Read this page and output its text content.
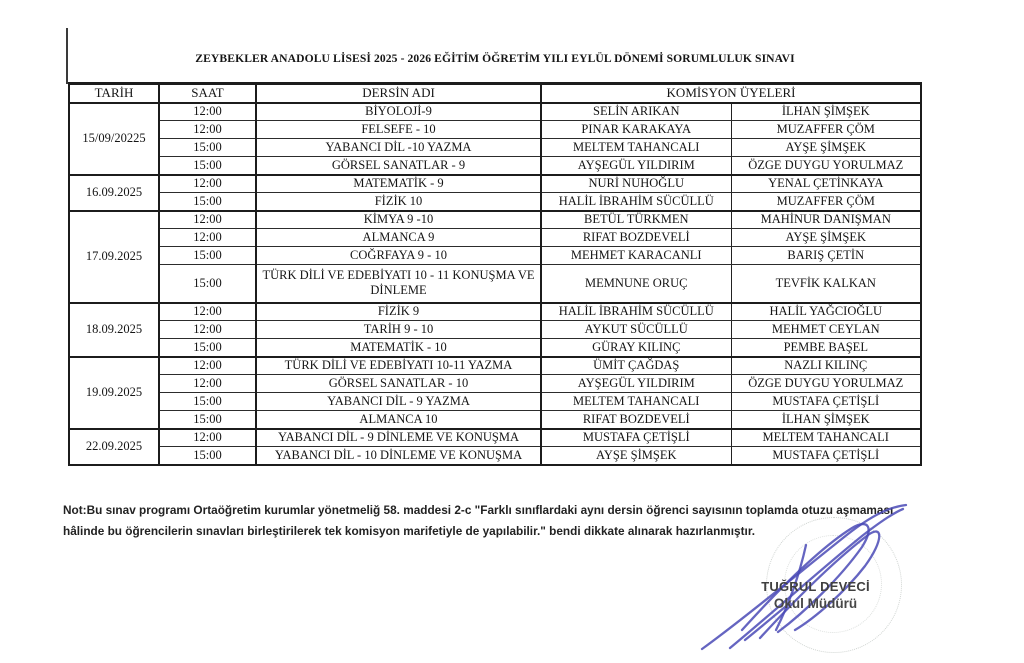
ZEYBEKLER ANADOLU LİSESİ 2025 - 2026 EĞİTİM ÖĞRETİM YILI EYLÜL DÖNEMİ SORUMLULUK SINAVI
TARİH	SAAT	DERSİN ADI	KOMİSYON ÜYELERİ	
15/09/20225	12:00	BİYOLOJİ-9	SELİN ARIKAN	İLHAN ŞİMŞEK
	12:00	FELSEFE - 10	PINAR KARAKAYA	MUZAFFER ÇÖM
	15:00	YABANCI DİL -10 YAZMA	MELTEM TAHANCALI	AYŞE ŞİMŞEK
	15:00	GÖRSEL SANATLAR - 9	AYŞEGÜL YILDIRIM	ÖZGE DUYGU YORULMAZ
16.09.2025	12:00	MATEMATİK - 9	NURİ NUHOĞLU	YENAL ÇETİNKAYA
	15:00	FİZİK 10	HALİL İBRAHİM SÜCÜLLÜ	MUZAFFER ÇÖM
17.09.2025	12:00	KİMYA 9 -10	BETÜL TÜRKMEN	MAHİNUR DANIŞMAN
	12:00	ALMANCA 9	RIFAT BOZDEVELİ	AYŞE ŞİMŞEK
	15:00	COĞRFAYA 9 - 10	MEHMET KARACANLI	BARIŞ ÇETİN
	15:00	TÜRK DİLİ VE EDEBİYATI 10 - 11 KONUŞMA VE DİNLEME	MEMNUNE ORUÇ	TEVFİK KALKAN
18.09.2025	12:00	FİZİK 9	HALİL İBRAHİM SÜCÜLLÜ	HALİL YAĞCIOĞLU
	12:00	TARİH 9 - 10	AYKUT SÜCÜLLÜ	MEHMET CEYLAN
	15:00	MATEMATİK - 10	GÜRAY KILINÇ	PEMBE BAŞEL
19.09.2025	12:00	TÜRK DİLİ VE EDEBİYATI 10-11 YAZMA	ÜMİT ÇAĞDAŞ	NAZLI KILINÇ
	12:00	GÖRSEL SANATLAR - 10	AYŞEGÜL YILDIRIM	ÖZGE DUYGU YORULMAZ
	15:00	YABANCI DİL - 9 YAZMA	MELTEM TAHANCALI	MUSTAFA ÇETİŞLİ
	15:00	ALMANCA 10	RIFAT BOZDEVELİ	İLHAN ŞİMŞEK
22.09.2025	12:00	YABANCI DİL - 9 DİNLEME VE KONUŞMA	MUSTAFA ÇETİŞLİ	MELTEM TAHANCALI
	15:00	YABANCI DİL - 10 DİNLEME VE KONUŞMA	AYŞE ŞİMŞEK	MUSTAFA ÇETİŞLİ
Not:Bu sınav programı Ortaöğretim kurumlar yönetmeliğ 58. maddesi 2-c "Farklı sınıflardaki aynı dersin öğrenci sayısının toplamda otuzu aşmaması hâlinde bu öğrencilerin sınavları birleştirilerek tek komisyon marifetiyle de yapılabilir." bendi dikkate alınarak hazırlanmıştır.
TUĞRUL DEVECİ
Okul Müdürü
